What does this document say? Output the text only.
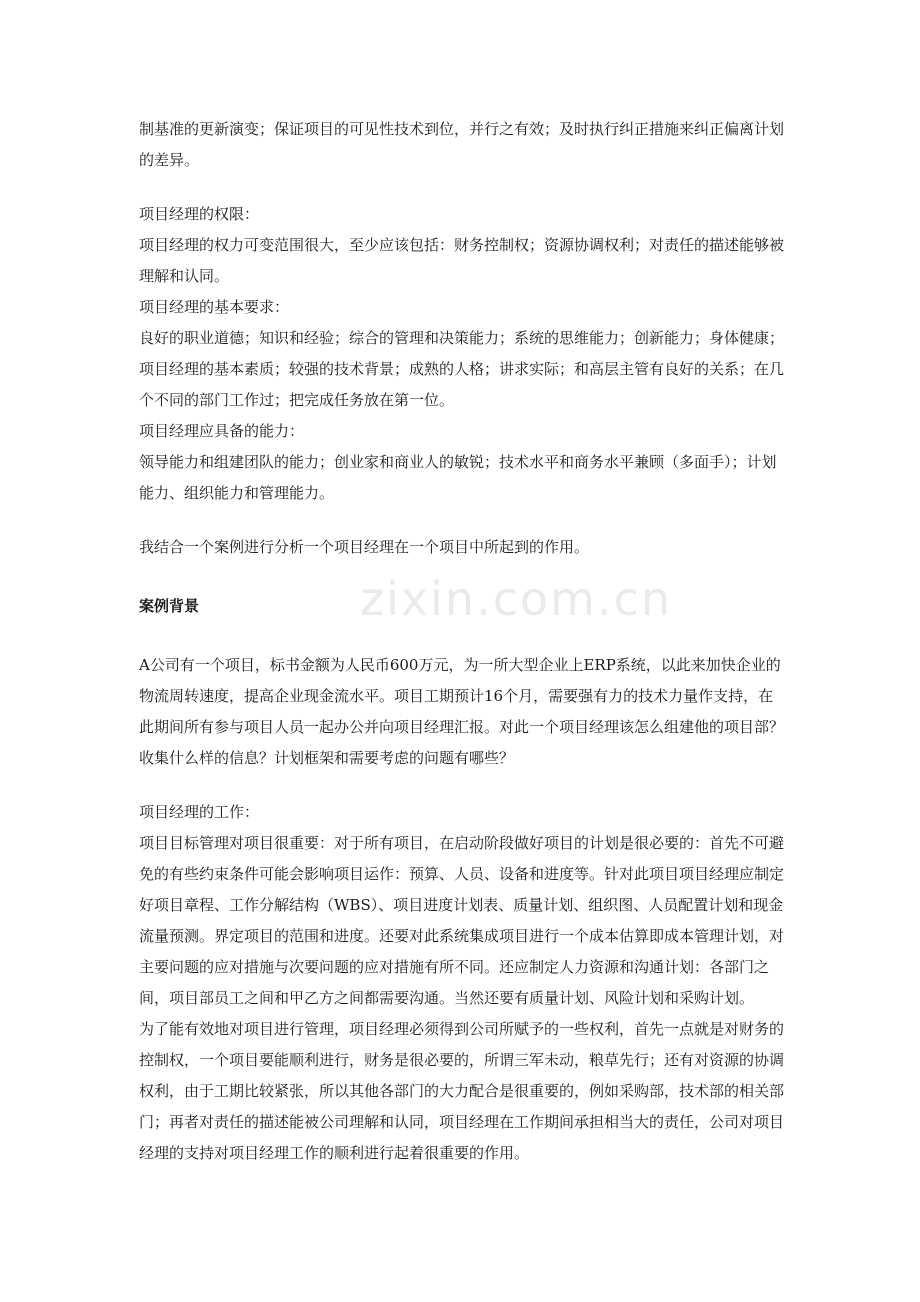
zixin.com.cn

制基准的更新演变；保证项目的可见性技术到位，并行之有效；及时执行纠正措施来纠正偏离计划的差异。

项目经理的权限：

项目经理的权力可变范围很大，至少应该包括：财务控制权；资源协调权利；对责任的描述能够被理解和认同。

项目经理的基本要求：

良好的职业道德；知识和经验；综合的管理和决策能力；系统的思维能力；创新能力；身体健康；项目经理的基本素质；较强的技术背景；成熟的人格；讲求实际；和高层主管有良好的关系；在几个不同的部门工作过；把完成任务放在第一位。

项目经理应具备的能力：

领导能力和组建团队的能力；创业家和商业人的敏锐；技术水平和商务水平兼顾（多面手）；计划能力、组织能力和管理能力。

我结合一个案例进行分析一个项目经理在一个项目中所起到的作用。

案例背景

A公司有一个项目，标书金额为人民币600万元，为一所大型企业上ERP系统，以此来加快企业的物流周转速度，提高企业现金流水平。项目工期预计16个月，需要强有力的技术力量作支持，在此期间所有参与项目人员一起办公并向项目经理汇报。对此一个项目经理该怎么组建他的项目部？收集什么样的信息？计划框架和需要考虑的问题有哪些？

项目经理的工作：

项目目标管理对项目很重要：对于所有项目，在启动阶段做好项目的计划是很必要的：首先不可避免的有些约束条件可能会影响项目运作：预算、人员、设备和进度等。针对此项目项目经理应制定好项目章程、工作分解结构（WBS）、项目进度计划表、质量计划、组织图、人员配置计划和现金流量预测。界定项目的范围和进度。还要对此系统集成项目进行一个成本估算即成本管理计划，对主要问题的应对措施与次要问题的应对措施有所不同。还应制定人力资源和沟通计划：各部门之间，项目部员工之间和甲乙方之间都需要沟通。当然还要有质量计划、风险计划和采购计划。

为了能有效地对项目进行管理，项目经理必须得到公司所赋予的一些权利，首先一点就是对财务的控制权，一个项目要能顺利进行，财务是很必要的，所谓三军未动，粮草先行；还有对资源的协调权利，由于工期比较紧张，所以其他各部门的大力配合是很重要的，例如采购部，技术部的相关部门；再者对责任的描述能被公司理解和认同，项目经理在工作期间承担相当大的责任，公司对项目经理的支持对项目经理工作的顺利进行起着很重要的作用。
